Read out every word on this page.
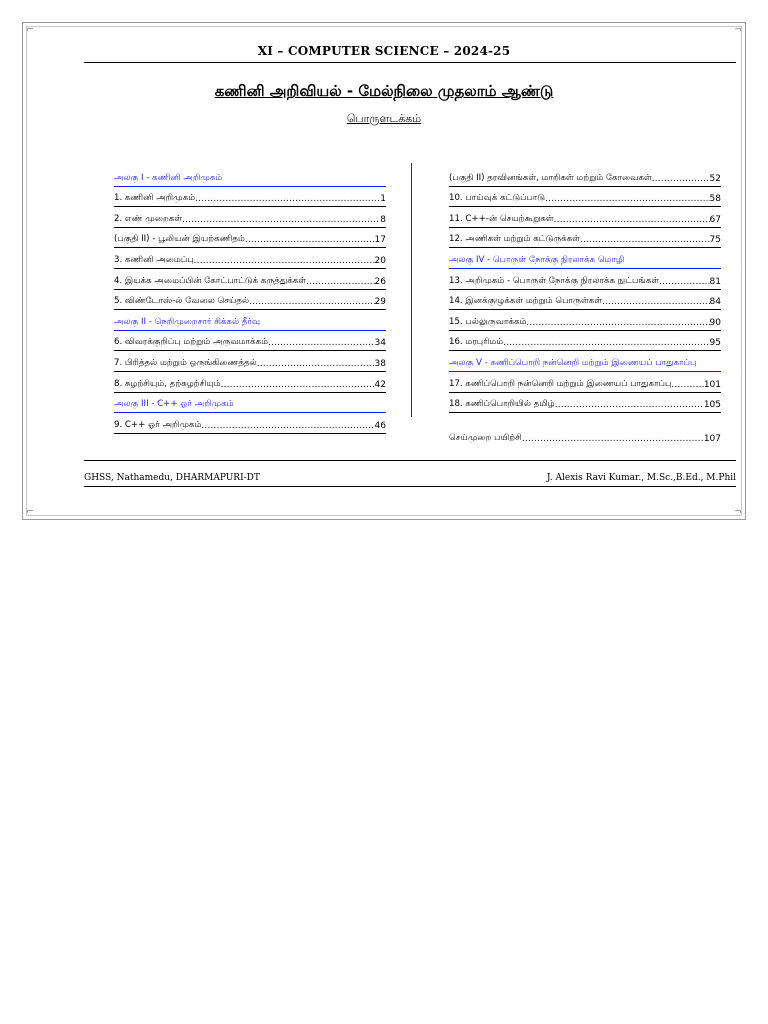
⌐	¬
⌐	¬
XI – COMPUTER SCIENCE – 2024-25
கணினி அறிவியல் - மேல்நிலை முதலாம் ஆண்டு
பொருளடக்கம்
அலகு I - கணினி அறிமுகம்
1. கணினி அறிமுகம் .....	1
2. எண் முறைகள் .....	8
(பகுதி II) - பூலியன் இயற்கணிதம் .....	17
3. கணினி அமைப்பு .....	20
4. இயக்க அமைப்பின் கோட்பாட்டுக் கருத்துக்கள் .....	26
5. விண்டோஸ்-ல் வேலை செய்தல் .....	29
அலகு II - நெறிமுறைசார் சிக்கல் தீர்வு
6. விவரக்குறிப்பு மற்றும் அருவமாக்கம் .....	34
7. பிரித்தல் மற்றும் ஒருங்கிணைத்தல் .....	38
8. சுழற்சியும், தற்சுழற்சியும் .....	42
அலகு III - C++ ஓர் அறிமுகம்
9. C++ ஓர் அறிமுகம் .....	46
(பகுதி II) தரவினங்கள், மாறிகள் மற்றும் கோவைகள் .....	52
10. பாய்வுக் கட்டுப்பாடு .....	58
11. C++-ன் செயற்கூறுகள் .....	67
12. அணிகள் மற்றும் கட்டுருக்கள் .....	75
அலகு IV - பொருள் நோக்கு நிரலாக்க மொழி
13. அறிமுகம் - பொருள் நோக்கு நிரலாக்க நுட்பங்கள் .....	81
14. இனக்குழுக்கள் மற்றும் பொருள்கள் .....	84
15. பல்லுருவாக்கம் .....	90
16. மரபுரிமம் .....	95
அலகு V - கணிப்பொறி நன்னெறி மற்றும் இணையப் பாதுகாப்பு
17. கணிப்பொறி நன்னெறி மற்றும் இணையப் பாதுகாப்பு .....	101
18. கணிப்பொறியில் தமிழ் .....	105
செய்முறை பயிற்சி .....	107
GHSS, Nathamedu, DHARMAPURI-DT	J. Alexis Ravi Kumar., M.Sc.,B.Ed., M.Phil
